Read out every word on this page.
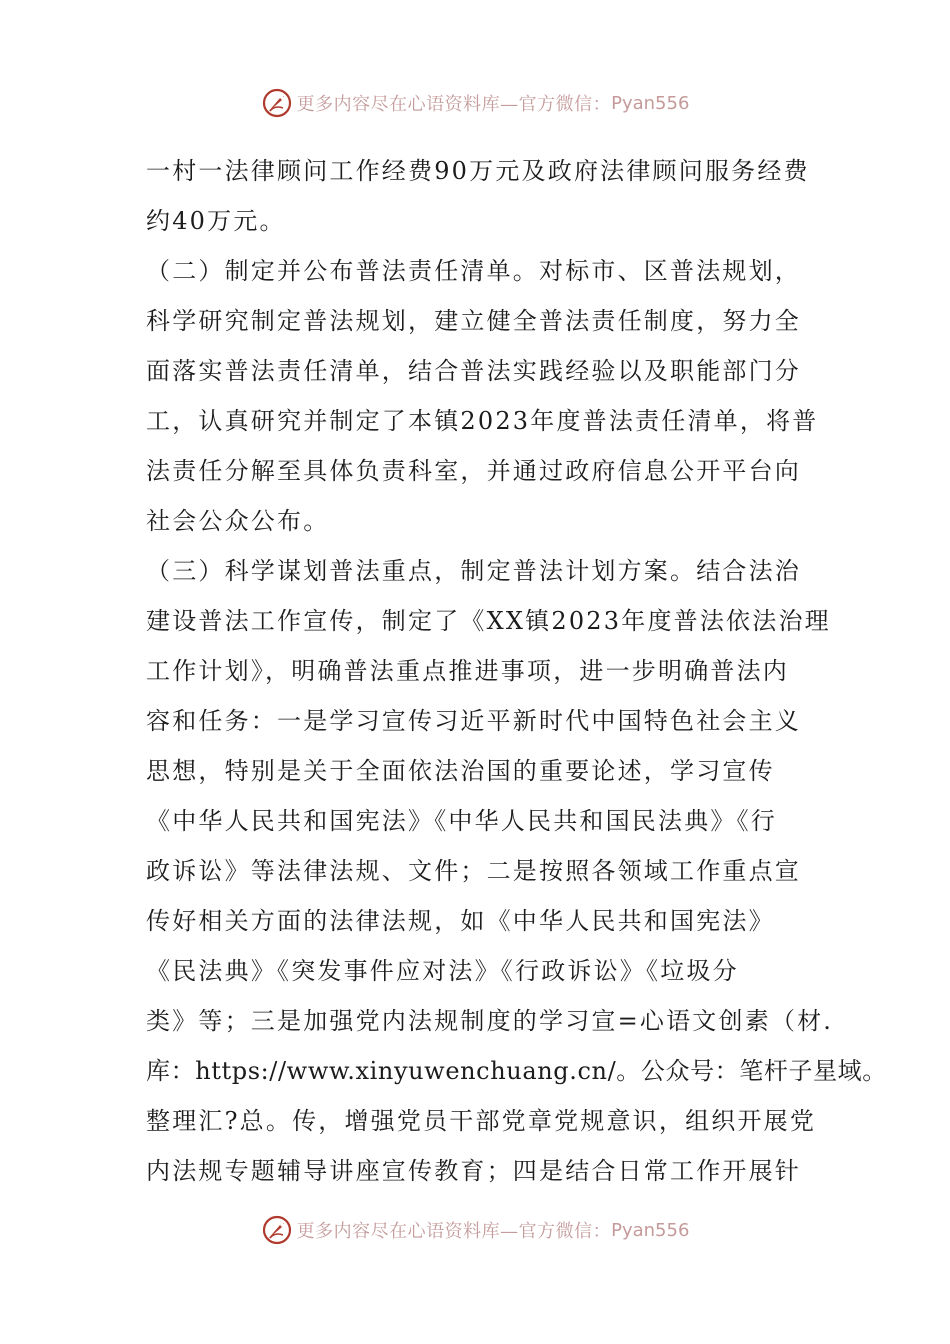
更多内容尽在心语资料库—官方微信： Pyan556
一村一法律顾问工作经费90万元及政府法律顾问服务经费
约40万元。
（二）制定并公布普法责任清单。对标市、区普法规划，
科学研究制定普法规划，建立健全普法责任制度，努力全
面落实普法责任清单，结合普法实践经验以及职能部门分
工，认真研究并制定了本镇2023年度普法责任清单，将普
法责任分解至具体负责科室，并通过政府信息公开平台向
社会公众公布。
（三）科学谋划普法重点，制定普法计划方案。结合法治
建设普法工作宣传，制定了《XX镇2023年度普法依法治理
工作计划》，明确普法重点推进事项，进一步明确普法内
容和任务：一是学习宣传习近平新时代中国特色社会主义
思想，特别是关于全面依法治国的重要论述，学习宣传
《中华人民共和国宪法》《中华人民共和国民法典》《行
政诉讼》等法律法规、文件；二是按照各领域工作重点宣
传好相关方面的法律法规，如《中华人民共和国宪法》
《民法典》《突发事件应对法》《行政诉讼》《垃圾分
类》等；三是加强党内法规制度的学习宣=心语文创素（材.
库：https://www.xinyuwenchuang.cn/。公众号：笔杆子星域。
整理汇?总。传，增强党员干部党章党规意识，组织开展党
内法规专题辅导讲座宣传教育；四是结合日常工作开展针
更多内容尽在心语资料库—官方微信： Pyan556
